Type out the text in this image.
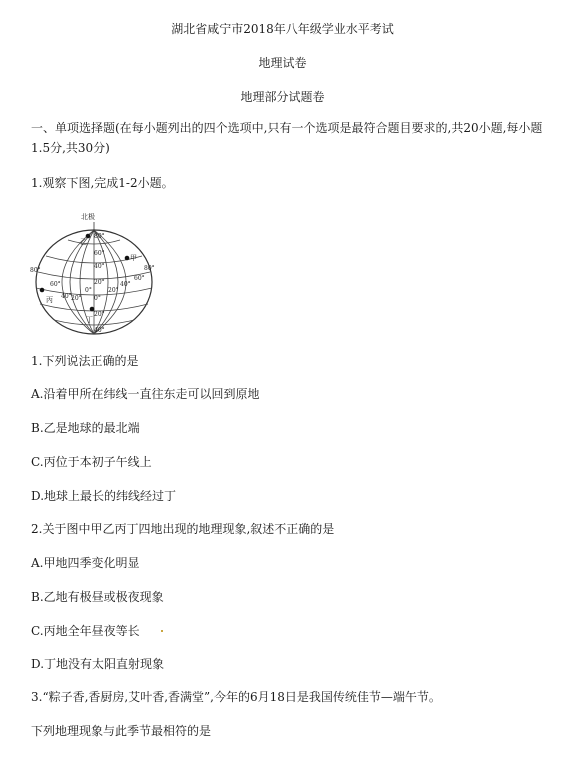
湖北省咸宁市2018年八年级学业水平考试
地理试卷
地理部分试题卷
一、单项选择题(在每小题列出的四个选项中,只有一个选项是最符合题目要求的,共20小题,每小题1.5分,共30分)
1.观察下图,完成1-2小题。
北极
乙
甲
丙
丁
80°
60°
40°
20°
0°
20°
40°
80°
60°
40° 20°
0°	20°
40°
60°
80°
1.下列说法正确的是
A.沿着甲所在纬线一直往东走可以回到原地
B.乙是地球的最北端
C.丙位于本初子午线上
D.地球上最长的纬线经过丁
2.关于图中甲乙丙丁四地出现的地理现象,叙述不正确的是
A.甲地四季变化明显
B.乙地有极昼或极夜现象
C.丙地全年昼夜等长
D.丁地没有太阳直射现象
3.“粽子香,香厨房,艾叶香,香满堂”,今年的6月18日是我国传统佳节—端午节。
下列地理现象与此季节最相符的是
